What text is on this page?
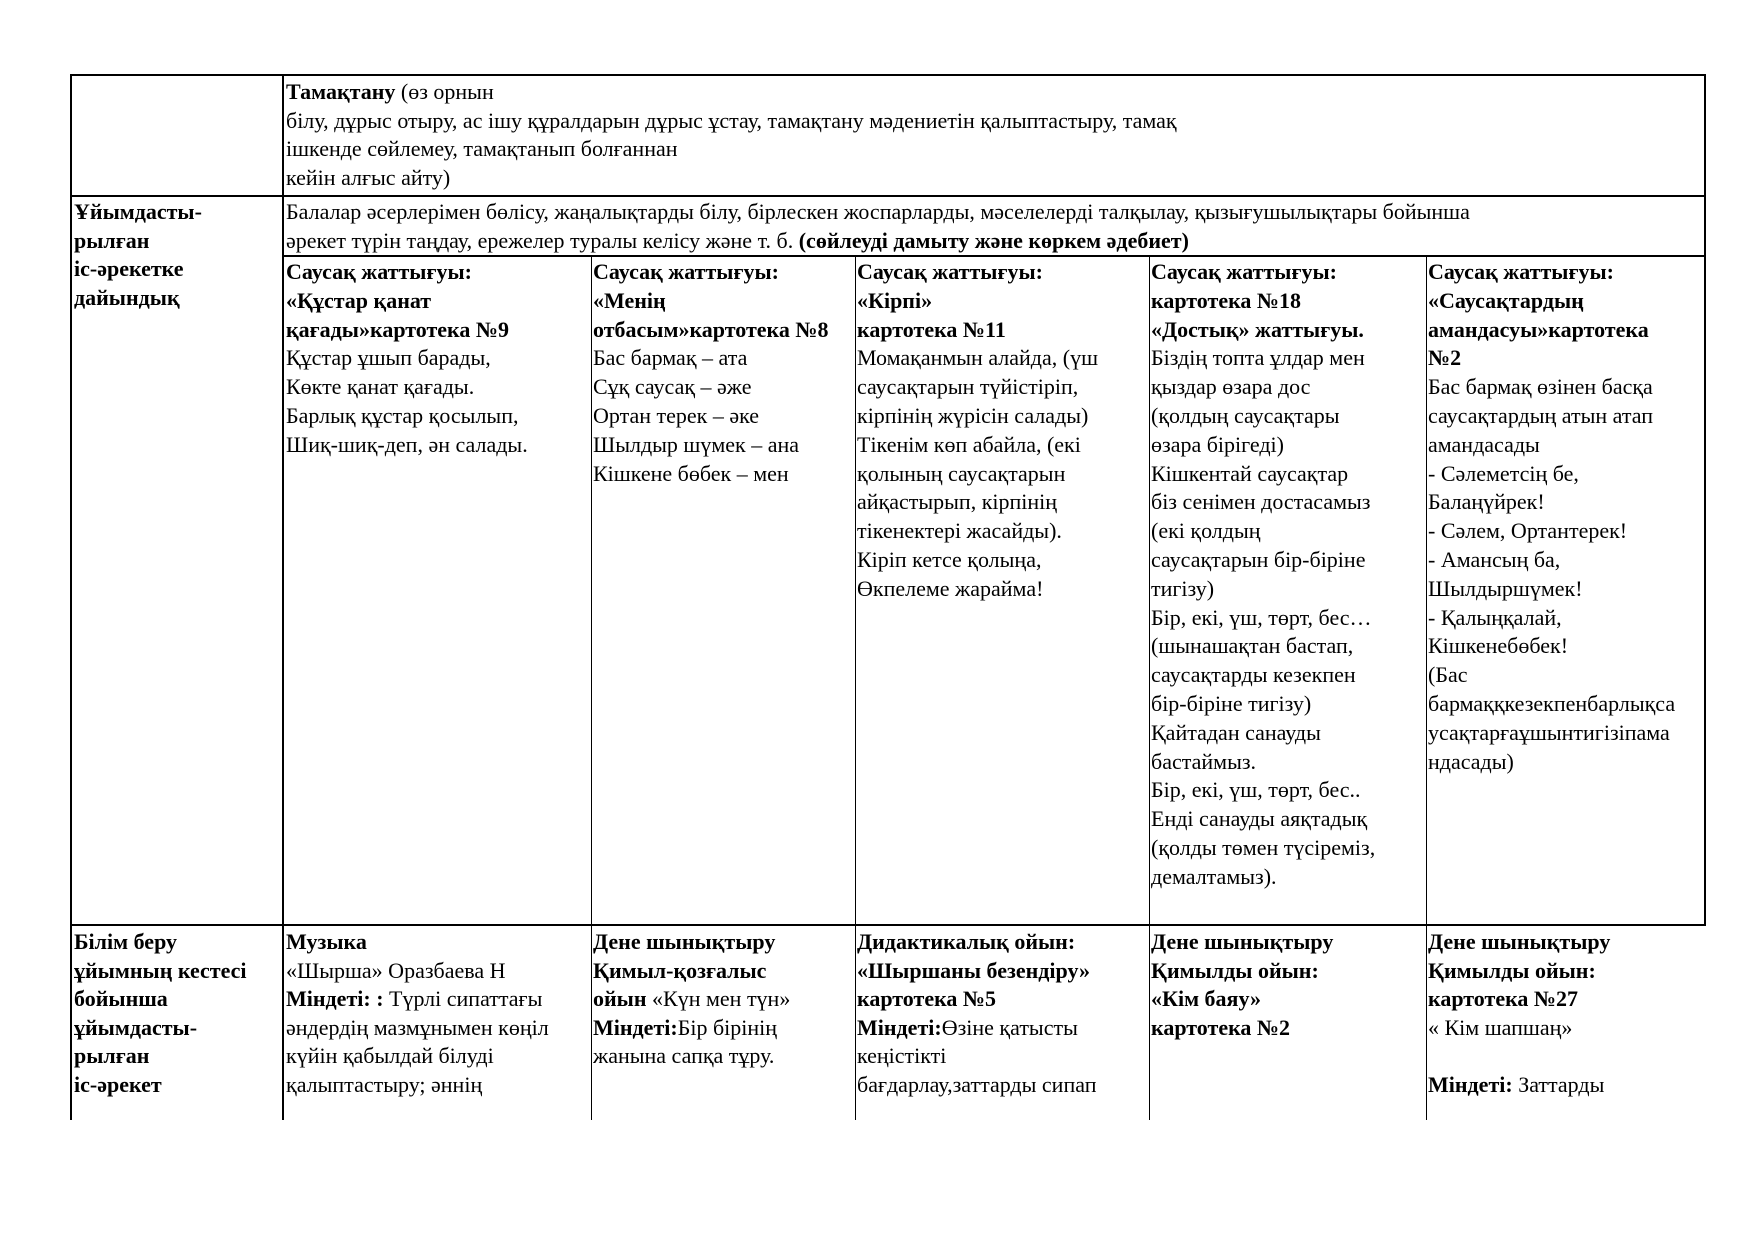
Тамақтану (өз орнын
білу, дұрыс отыру, ас ішу құралдарын дұрыс ұстау, тамақтану мәдениетін қалыптастыру, тамақ
ішкенде сөйлемеу, тамақтанып болғаннан
кейін алғыс айту)
Ұйымдасты-
рылған
іс-әрекетке
дайындық
Балалар әсерлерімен бөлісу, жаңалықтарды білу, бірлескен жоспарларды, мәселелерді талқылау, қызығушылықтары бойынша
әрекет түрін таңдау, ережелер туралы келісу және т. б. (сөйлеуді дамыту және көркем әдебиет)
Саусақ жаттығуы:
«Құстар қанат
қағады»картотека №9
Құстар ұшып барады,
Көкте қанат қағады.
Барлық құстар қосылып,
Шиқ-шиқ-деп, ән салады.
Саусақ жаттығуы:
«Менің
отбасым»картотека №8
Бас бармақ – ата
Сұқ саусақ – әже
Ортан терек – әке
Шылдыр шүмек – ана
Кішкене бөбек – мен
Саусақ жаттығуы:
«Кірпі»
картотека №11
Момақанмын алайда, (үш
саусақтарын түйістіріп,
кірпінің жүрісін салады)
Тікенім көп абайла, (екі
қолының саусақтарын
айқастырып, кірпінің
тікенектері жасайды).
Кіріп кетсе қолыңа,
Өкпелеме жарайма!
Саусақ жаттығуы:
картотека №18
«Достық» жаттығуы.
Біздің топта ұлдар мен
қыздар өзара дос
(қолдың саусақтары
өзара бірігеді)
Кішкентай саусақтар
біз сенімен достасамыз
(екі қолдың
саусақтарын бір-біріне
тигізу)
Бір, екі, үш, төрт, бес…
(шынашақтан бастап,
саусақтарды кезекпен
бір-біріне тигізу)
Қайтадан санауды
бастаймыз.
Бір, екі, үш, төрт, бес..
Енді санауды аяқтадық
(қолды төмен түсіреміз,
демалтамыз).
Саусақ жаттығуы:
«Саусақтардың
амандасуы»картотека
№2
Бас бармақ өзінен басқа
саусақтардың атын атап
амандасады
- Сәлеметсің бе,
Балаңүйрек!
- Сәлем, Ортантерек!
- Амансың ба,
Шылдыршүмек!
- Қалыңқалай,
Кішкенебөбек!
(Бас
бармаққкезекпенбарлықса
усақтарғаұшынтигізіпама
ндасады)
Білім беру
ұйымның кестесі
бойынша
ұйымдасты-
рылған
іс-әрекет
Музыка
«Шырша» Оразбаева Н
Міндеті: : Түрлі сипаттағы
әндердің мазмұнымен көңіл
күйін қабылдай білуді
қалыптастыру; әннің
Дене шынықтыру
Қимыл-қозғалыс
ойын «Күн мен түн»
Міндеті:Бір бірінің
жанына сапқа тұру.
Дидактикалық ойын:
«Шыршаны безендіру»
картотека №5
Міндеті:Өзіне қатысты
кеңістікті
бағдарлау,заттарды сипап
Дене шынықтыру
Қимылды ойын:
«Кім баяу»
картотека №2
Дене шынықтыру
Қимылды ойын:
картотека №27
« Кім шапшаң»

Міндеті: Заттарды
